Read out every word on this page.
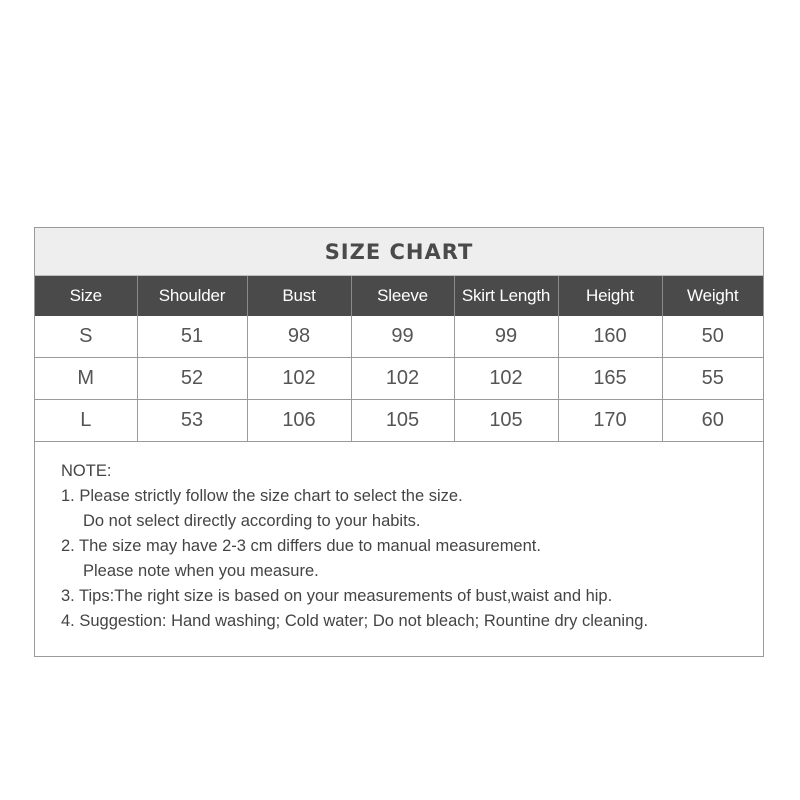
SIZE CHART
Size	Shoulder	Bust	Sleeve	Skirt Length	Height	Weight
S	51	98	99	99	160	50
M	52	102	102	102	165	55
L	53	106	105	105	170	60
NOTE:
1. Please strictly follow the size chart to select the size.
Do not select directly according to your habits.
2. The size may have 2-3 cm differs due to manual measurement.
Please note when you measure.
3. Tips:The right size is based on your measurements of bust,waist and hip.
4. Suggestion: Hand washing; Cold water; Do not bleach; Rountine dry cleaning.
